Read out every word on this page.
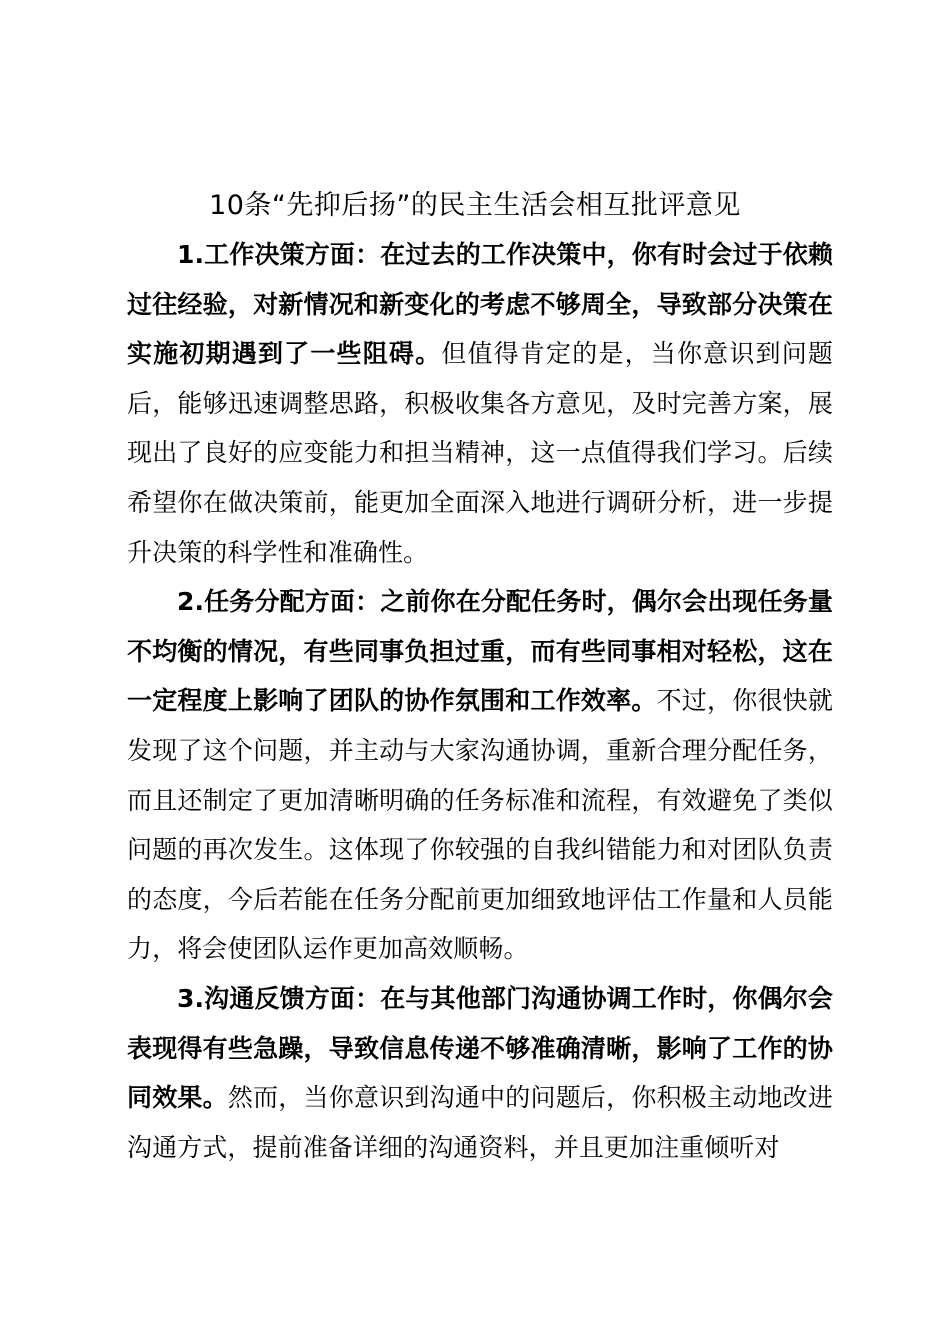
10条“先抑后扬”的民主生活会相互批评意见

1.工作决策方面：在过去的工作决策中，你有时会过于依赖过往经验，对新情况和新变化的考虑不够周全，导致部分决策在实施初期遇到了一些阻碍。但值得肯定的是，当你意识到问题后，能够迅速调整思路，积极收集各方意见，及时完善方案，展现出了良好的应变能力和担当精神，这一点值得我们学习。后续希望你在做决策前，能更加全面深入地进行调研分析，进一步提升决策的科学性和准确性。

2.任务分配方面：之前你在分配任务时，偶尔会出现任务量不均衡的情况，有些同事负担过重，而有些同事相对轻松，这在一定程度上影响了团队的协作氛围和工作效率。不过，你很快就发现了这个问题，并主动与大家沟通协调，重新合理分配任务，而且还制定了更加清晰明确的任务标准和流程，有效避免了类似问题的再次发生。这体现了你较强的自我纠错能力和对团队负责的态度，今后若能在任务分配前更加细致地评估工作量和人员能力，将会使团队运作更加高效顺畅。

3.沟通反馈方面：在与其他部门沟通协调工作时，你偶尔会表现得有些急躁，导致信息传递不够准确清晰，影响了工作的协同效果。然而，当你意识到沟通中的问题后，你积极主动地改进沟通方式，提前准备详细的沟通资料，并且更加注重倾听对
